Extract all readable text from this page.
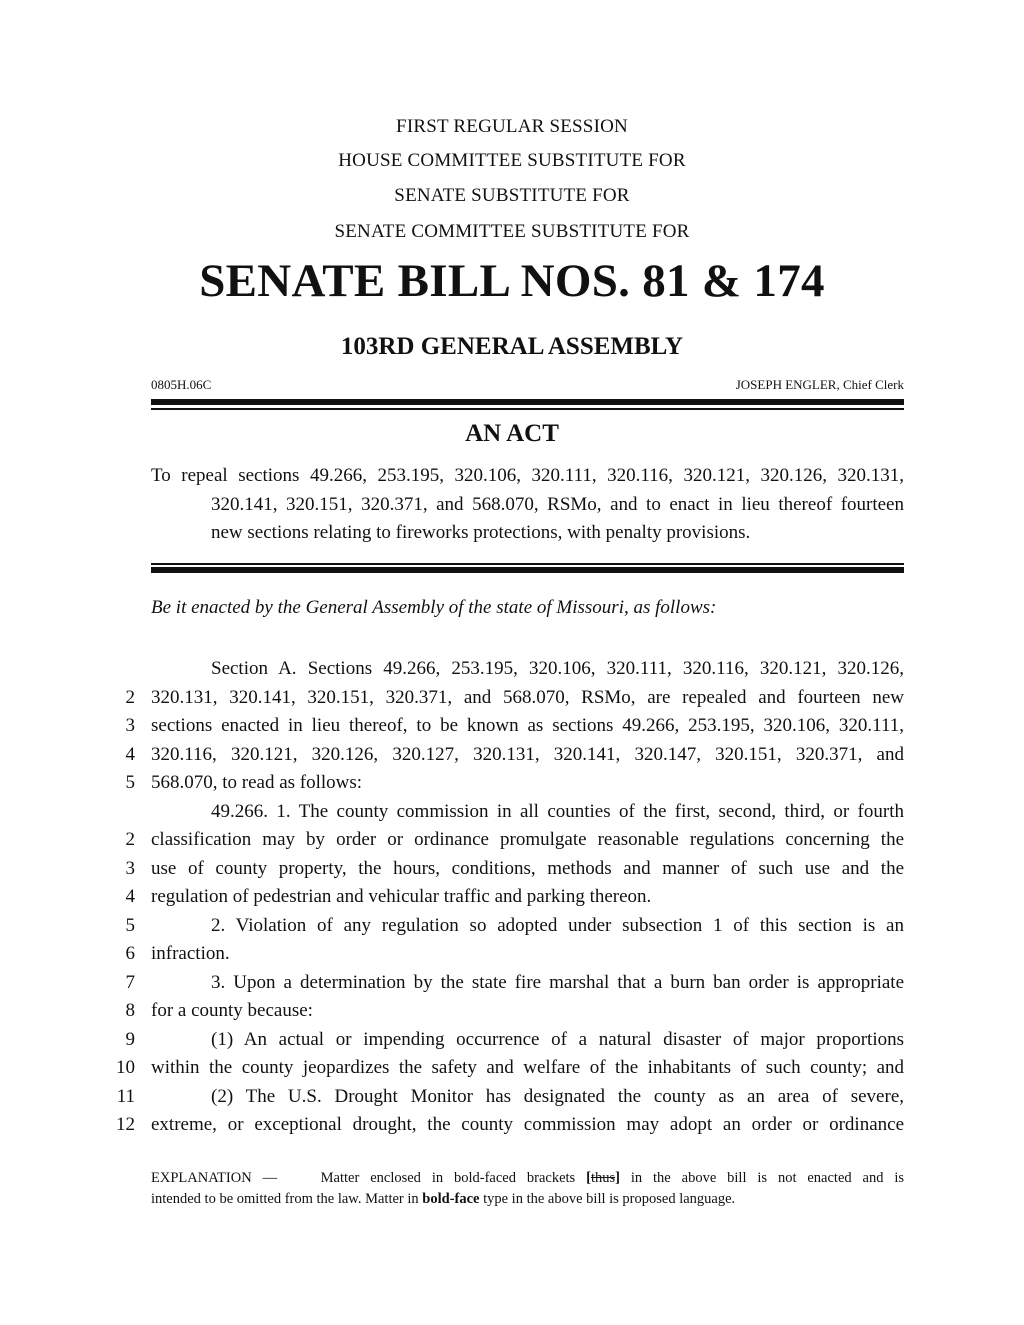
FIRST REGULAR SESSION
HOUSE COMMITTEE SUBSTITUTE FOR
SENATE SUBSTITUTE FOR
SENATE COMMITTEE SUBSTITUTE FOR
SENATE BILL NOS. 81 & 174
103RD GENERAL ASSEMBLY
0805H.06C	JOSEPH ENGLER, Chief Clerk
AN ACT
To repeal sections 49.266, 253.195, 320.106, 320.111, 320.116, 320.121, 320.126, 320.131,
320.141, 320.151, 320.371, and 568.070, RSMo, and to enact in lieu thereof fourteen
new sections relating to fireworks protections, with penalty provisions.
Be it enacted by the General Assembly of the state of Missouri, as follows:
Section A. Sections 49.266, 253.195, 320.106, 320.111, 320.116, 320.121, 320.126,
2 320.131, 320.141, 320.151, 320.371, and 568.070, RSMo, are repealed and fourteen new
3 sections enacted in lieu thereof, to be known as sections 49.266, 253.195, 320.106, 320.111,
4 320.116, 320.121, 320.126, 320.127, 320.131, 320.141, 320.147, 320.151, 320.371, and
5 568.070, to read as follows:
49.266. 1. The county commission in all counties of the first, second, third, or fourth
2 classification may by order or ordinance promulgate reasonable regulations concerning the
3 use of county property, the hours, conditions, methods and manner of such use and the
4 regulation of pedestrian and vehicular traffic and parking thereon.
5	2. Violation of any regulation so adopted under subsection 1 of this section is an
6 infraction.
7	3. Upon a determination by the state fire marshal that a burn ban order is appropriate
8 for a county because:
9	(1) An actual or impending occurrence of a natural disaster of major proportions
10 within the county jeopardizes the safety and welfare of the inhabitants of such county; and
11	(2) The U.S. Drought Monitor has designated the county as an area of severe,
12 extreme, or exceptional drought, the county commission may adopt an order or ordinance
EXPLANATION —	Matter enclosed in bold-faced brackets [thus] in the above bill is not enacted and is
intended to be omitted from the law. Matter in bold-face type in the above bill is proposed language.
